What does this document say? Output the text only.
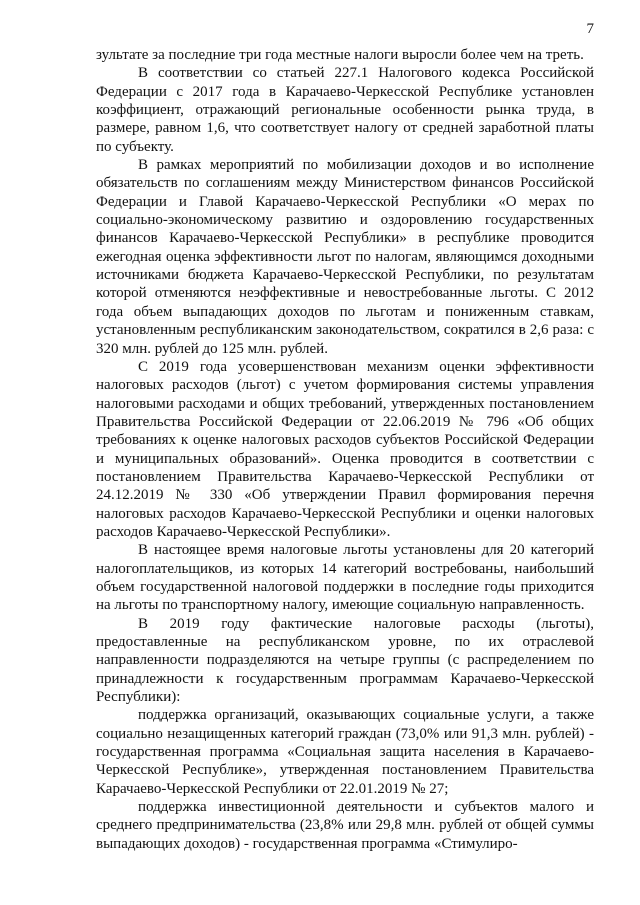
7

зультате за последние три года местные налоги выросли более чем на треть.

В соответствии со статьей 227.1 Налогового кодекса Российской Федерации с 2017 года в Карачаево-Черкесской Республике установлен коэффициент, отражающий региональные особенности рынка труда, в размере, равном 1,6, что соответствует налогу от средней заработной платы по субъекту.

В рамках мероприятий по мобилизации доходов и во исполнение обязательств по соглашениям между Министерством финансов Российской Федерации и Главой Карачаево-Черкесской Республики «О мерах по социально-экономическому развитию и оздоровлению государственных финансов Карачаево-Черкесской Республики» в республике проводится ежегодная оценка эффективности льгот по налогам, являющимся доходными источниками бюджета Карачаево-Черкесской Республики, по результатам которой отменяются неэффективные и невостребованные льготы. С 2012 года объем выпадающих доходов по льготам и пониженным ставкам, установленным республиканским законодательством, сократился в 2,6 раза: с 320 млн. рублей до 125 млн. рублей.

С 2019 года усовершенствован механизм оценки эффективности налоговых расходов (льгот) с учетом формирования системы управления налоговыми расходами и общих требований, утвержденных постановлением Правительства Российской Федерации от 22.06.2019 № 796 «Об общих требованиях к оценке налоговых расходов субъектов Российской Федерации и муниципальных образований». Оценка проводится в соответствии с постановлением Правительства Карачаево-Черкесской Республики от 24.12.2019 № 330 «Об утверждении Правил формирования перечня налоговых расходов Карачаево-Черкесской Республики и оценки налоговых расходов Карачаево-Черкесской Республики».

В настоящее время налоговые льготы установлены для 20 категорий налогоплательщиков, из которых 14 категорий востребованы, наибольший объем государственной налоговой поддержки в последние годы приходится на льготы по транспортному налогу, имеющие социальную направленность.

В 2019 году фактические налоговые расходы (льготы), предоставленные на республиканском уровне, по их отраслевой направленности подразделяются на четыре группы (с распределением по принадлежности к государственным программам Карачаево-Черкесской Республики):

поддержка организаций, оказывающих социальные услуги, а также социально незащищенных категорий граждан (73,0% или 91,3 млн. рублей) - государственная программа «Социальная защита населения в Карачаево-Черкесской Республике», утвержденная постановлением Правительства Карачаево-Черкесской Республики от 22.01.2019 № 27;

поддержка инвестиционной деятельности и субъектов малого и среднего предпринимательства (23,8% или 29,8 млн. рублей от общей суммы выпадающих доходов) - государственная программа «Стимулиро-
